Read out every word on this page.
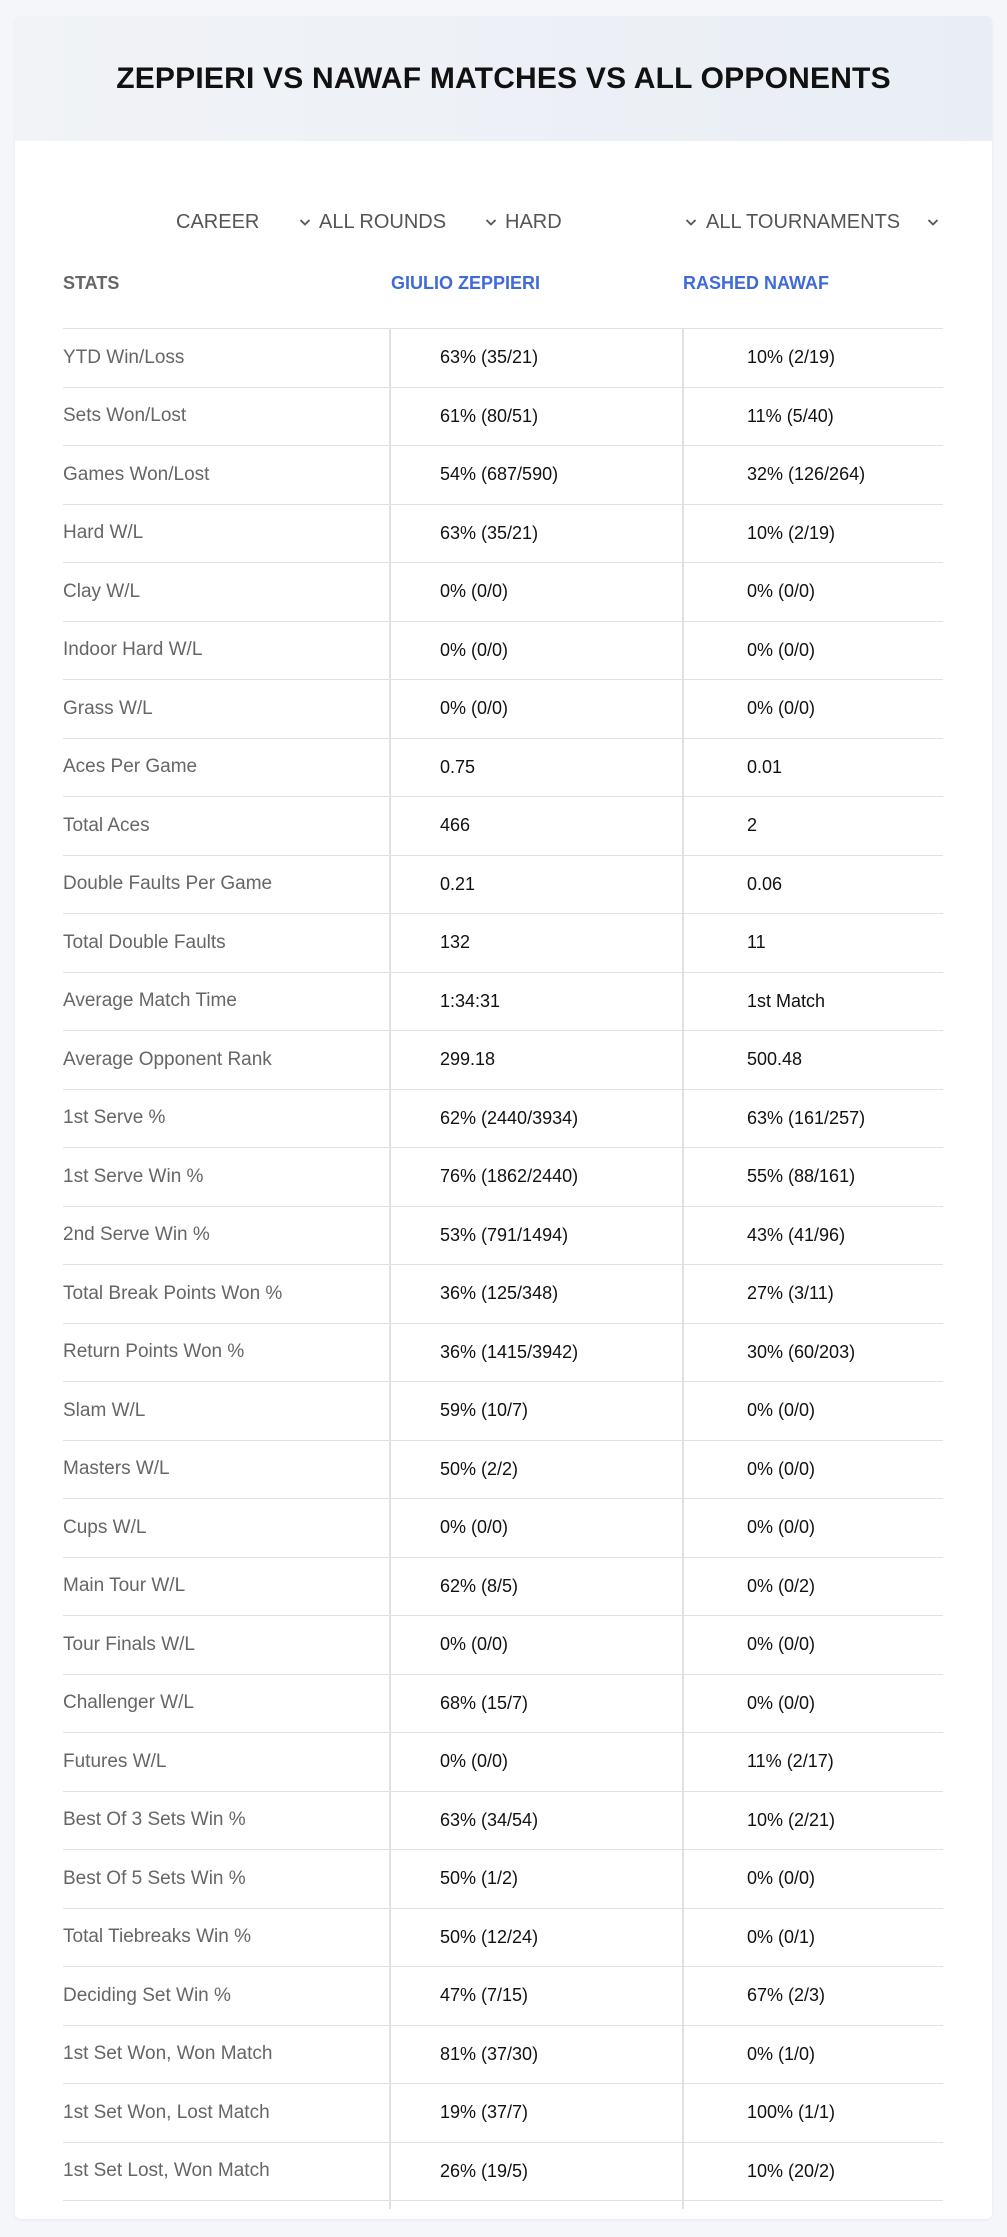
ZEPPIERI VS NAWAF MATCHES VS ALL OPPONENTS
CAREER	ALL ROUNDS	HARD	ALL TOURNAMENTS
STATS	GIULIO ZEPPIERI	RASHED NAWAF
YTD Win/Loss	63% (35/21)	10% (2/19)
Sets Won/Lost	61% (80/51)	11% (5/40)
Games Won/Lost	54% (687/590)	32% (126/264)
Hard W/L	63% (35/21)	10% (2/19)
Clay W/L	0% (0/0)	0% (0/0)
Indoor Hard W/L	0% (0/0)	0% (0/0)
Grass W/L	0% (0/0)	0% (0/0)
Aces Per Game	0.75	0.01
Total Aces	466	2
Double Faults Per Game	0.21	0.06
Total Double Faults	132	11
Average Match Time	1:34:31	1st Match
Average Opponent Rank	299.18	500.48
1st Serve %	62% (2440/3934)	63% (161/257)
1st Serve Win %	76% (1862/2440)	55% (88/161)
2nd Serve Win %	53% (791/1494)	43% (41/96)
Total Break Points Won %	36% (125/348)	27% (3/11)
Return Points Won %	36% (1415/3942)	30% (60/203)
Slam W/L	59% (10/7)	0% (0/0)
Masters W/L	50% (2/2)	0% (0/0)
Cups W/L	0% (0/0)	0% (0/0)
Main Tour W/L	62% (8/5)	0% (0/2)
Tour Finals W/L	0% (0/0)	0% (0/0)
Challenger W/L	68% (15/7)	0% (0/0)
Futures W/L	0% (0/0)	11% (2/17)
Best Of 3 Sets Win %	63% (34/54)	10% (2/21)
Best Of 5 Sets Win %	50% (1/2)	0% (0/0)
Total Tiebreaks Win %	50% (12/24)	0% (0/1)
Deciding Set Win %	47% (7/15)	67% (2/3)
1st Set Won, Won Match	81% (37/30)	0% (1/0)
1st Set Won, Lost Match	19% (37/7)	100% (1/1)
1st Set Lost, Won Match	26% (19/5)	10% (20/2)
